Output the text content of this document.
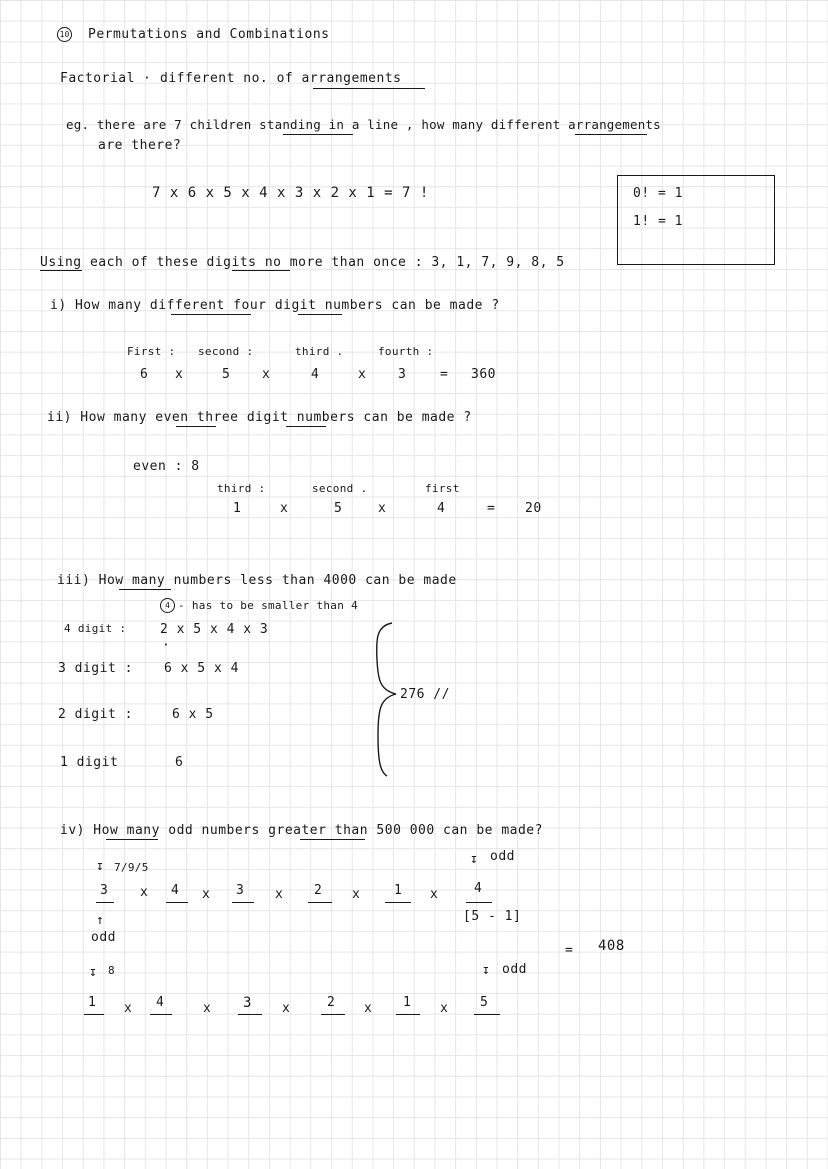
10 Permutations and Combinations
Factorial · different no. of arrangements
eg. there are 7 children standing in a line , how many different arrangements
are there?
7 x 6 x 5 x 4 x 3 x 2 x 1 = 7 !	0! = 1
1! = 1
Using each of these digits no more than once : 3, 1, 7, 9, 8, 5
i) How many different four digit numbers can be made ?
First : second :	third .	fourth :
6 x	5 x	4	x 3	= 360
ii) How many even three digit numbers can be made ?
even : 8
third :	second .	first
1	x	5	x	4	= 20
iii) How many numbers less than 4000 can be made
4 - has to be smaller than 4
4 digit :	2 x 5 x 4 x 3
·
3 digit : 6 x 5 x 4
2 digit :	6 x 5
1 digit	6
276 //
iv) How many odd numbers greater than 500 000 can be made?
↧ 7/9/5
3 x 4 x 3 x 2 x	1 x
↧ odd
4
[5 - 1]
↑
odd
= 408
↧ 8	↧ odd
1 x 4	x 3 x	2 x 1 x 5
